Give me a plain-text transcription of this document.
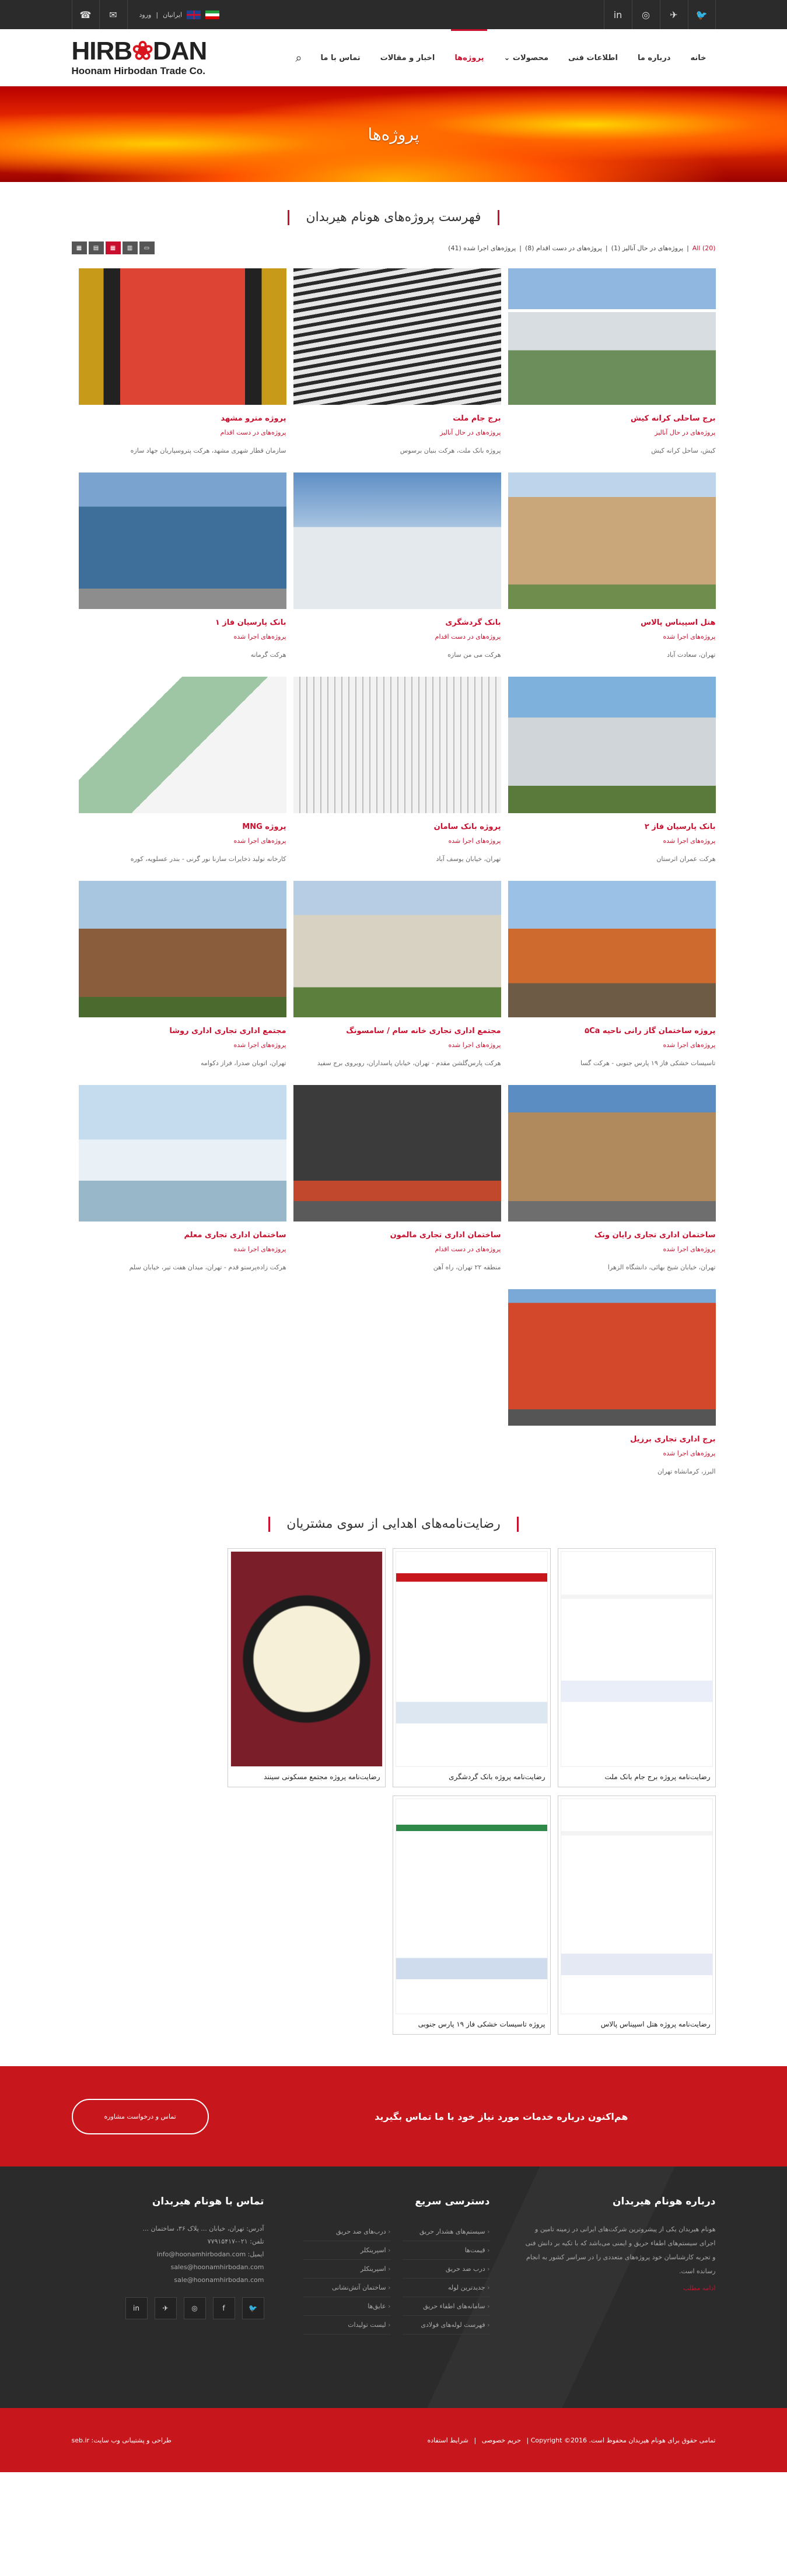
🐦
✈
◎
in
☎	✉	ورود | ایرانیان
خانه
درباره ما
اطلاعات فنی
محصولات

⌄
پروژه‌ها
اخبار و مقالات
تماس با ما
⌕
HIRB❀DAN
Hoonam Hirbodan Trade Co.
پروژه‌ها
فهرست پروژه‌های هونام هیربدان
All (20)
|
پروژه‌های در حال آنالیز (1)
|
پروژه‌های در دست اقدام (8)
|
پروژه‌های اجرا شده (41)
▦	▤	▦	▥	▭
برج ساحلی کرانه کیش
پروژه‌های در حال آنالیز
کیش، ساحل کرانه کیش
برج جام ملت
پروژه‌های در حال آنالیز
پروژه بانک ملت، هرکت بنیان برسوس
پروژه مترو مشهد
پروژه‌های در دست اقدام
سازمان قطار شهری مشهد، هرکت پتروسپاریان جهاد سازه
هتل اسپیناس پالاس
پروژه‌های اجرا شده
تهران، سعادت آباد
بانک گردشگری
پروژه‌های در دست اقدام
هرکت می من سازه
بانک پارسیان فاز ۱
پروژه‌های اجرا شده
هرکت گرمانه
بانک پارسیان فاز ۲
پروژه‌های اجرا شده
هرکت عمران اثرستان
پروژه بانک سامان
پروژه‌های اجرا شده
تهران، خیابان یوسف آباد
پروژه MNG
پروژه‌های اجرا شده
کارخانه تولید ذخایرات سازنا نور گرنی - بندر عسلویه، کوره
پروژه ساختمان گاز رانی ناحیه ۵Ca
پروژه‌های اجرا شده
تاسیسات خشکی فاز ۱۹ پارس جنوبی - هرکت گسا
مجتمع اداری تجاری خانه سام / سامسونگ
پروژه‌های اجرا شده
هرکت پارس‌گلشن مقدم - تهران، خیابان پاسداران، روبروی برج سفید
مجتمع اداری تجاری اداری روشا
پروژه‌های اجرا شده
تهران، اتوبان صدرا، فراز دکوامه
ساختمان اداری تجاری رایان ونک
پروژه‌های اجرا شده
تهران، خیابان شیخ بهائی، دانشگاه الزهرا
ساختمان اداری تجاری مالمون
پروژه‌های در دست اقدام
منطقه ۲۲ تهران، راه آهن
ساختمان اداری تجاری معلم
پروژه‌های اجرا شده
هرکت زاده‌پرستو قدم - تهران، میدان هفت تیر، خیابان سلم
برج اداری تجاری برزیل
پروژه‌های اجرا شده
البرز، کرمانشاه تهران
رضایت‌نامه‌های اهدایی از سوی مشتریان
رضایت‌نامه پروژه برج جام بانک ملت
رضایت‌نامه پروژه بانک گردشگری
رضایت‌نامه پروژه مجتمع مسکونی سینند
رضایت‌نامه پروژه هتل اسپیناس پالاس
پروژه تاسیسات خشکی فاز ۱۹ پارس جنوبی
هم‌اکنون درباره خدمات مورد نیاز خود با ما تماس بگیرید
تماس و درخواست مشاوره
درباره هونام هیربدان

هونام هیربدان یکی از پیشروترین شرکت‌های ایرانی در زمینه تامین و اجرای سیستم‌های اطفاء حریق و ایمنی می‌باشد که با تکیه بر دانش فنی و تجربه کارشناسان خود پروژه‌های متعددی را در سراسر کشور به انجام رسانده است.

ادامه مطلب
دسترسی سریع
‹ سیستم‌های هشدار حریق
‹ قیمت‌ها
‹ درب ضد حریق
‹ جدید‌ترین لوله
‹ سامانه‌های اطفاء حریق
‹ فهرست لوله‌های فولادی
‹ درب‌های ضد حریق
‹ اسپرینکلر
‹ اسپرینکلر
‹ ساختمان آتش‌نشانی
‹ عایق‌ها
‹ لیست تولیدات
تماس با هونام هیربدان
آدرس: تهران، خیابان ... پلاک ۳۶، ساختمان ...
تلفن: ۰۲۱-۷۷۹۱۵۴۱۷
ایمیل: info@hoonamhirbodan.com
sales@hoonamhirbodan.com
sale@hoonamhirbodan.com
🐦
f
◎
✈
in
تمامی حقوق برای هونام هیربدان محفوظ است. Copyright ©2016 | حریم خصوصی | شرایط استفاده
طراحی و پشتیبانی وب سایت: seb.ir
